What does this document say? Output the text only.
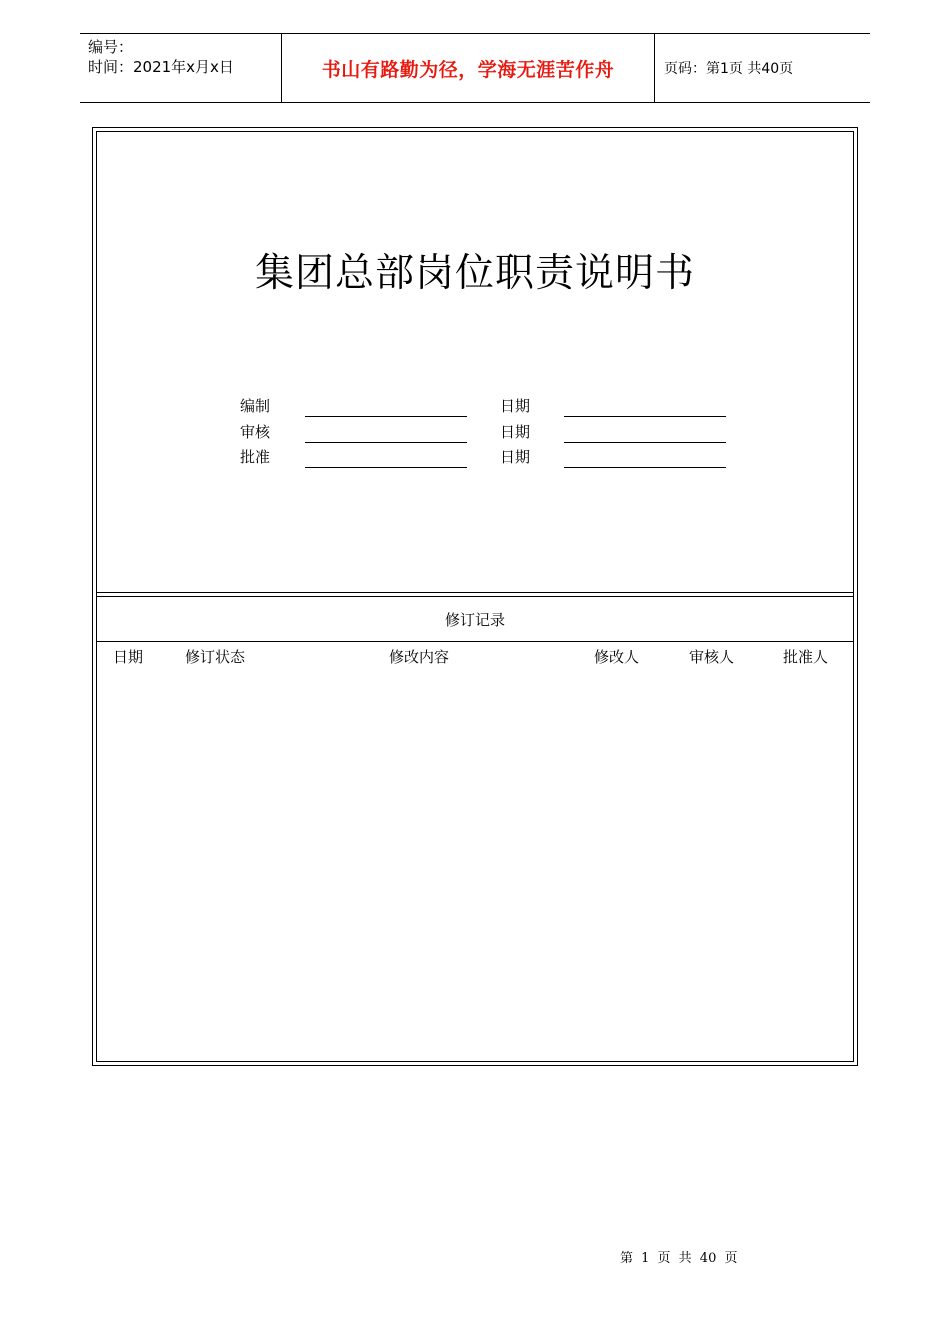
编号：
时间：2021年x月x日	书山有路勤为径，学海无涯苦作舟	页码：第1页 共40页
集团总部岗位职责说明书
编制	日期
审核	日期
批准	日期
修订记录
日期	修订状态	修改内容	修改人	审核人	批准人
第 1 页 共 40 页
